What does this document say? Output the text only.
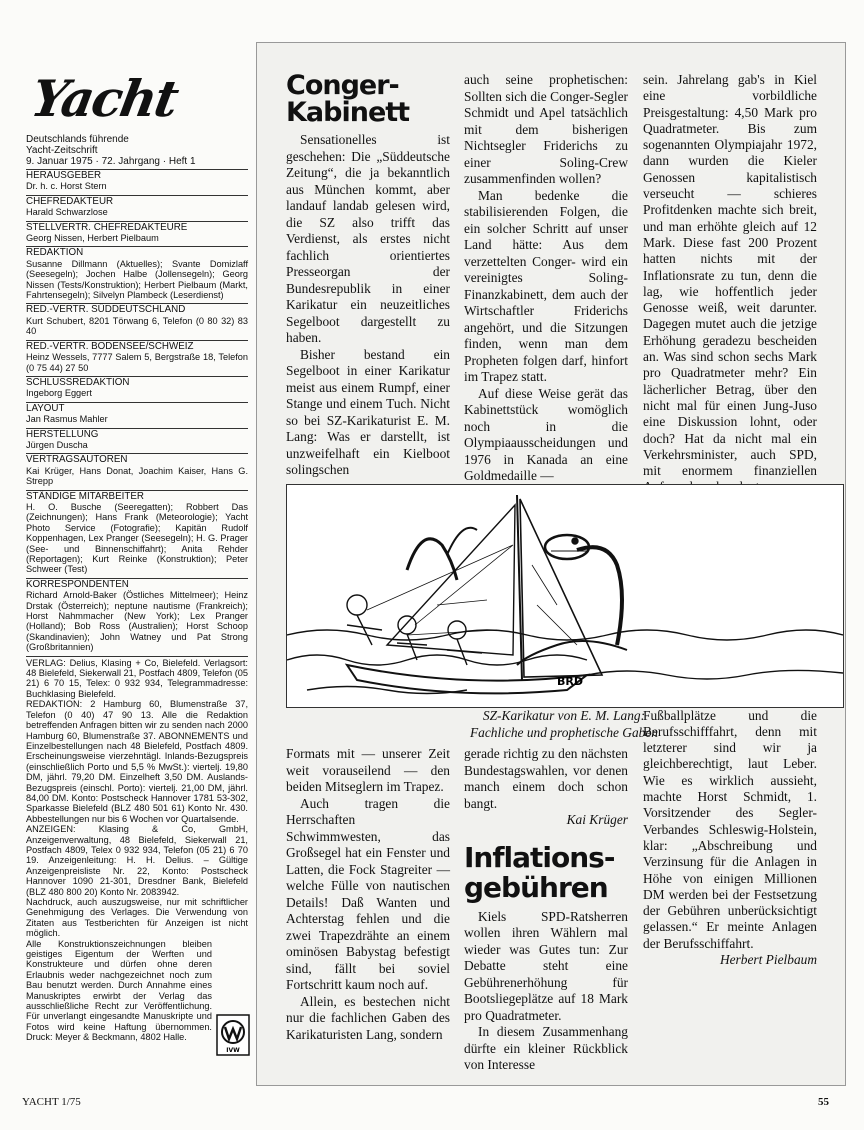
Yacht
Deutschlands führende
Yacht-Zeitschrift
9. Januar 1975 · 72. Jahrgang · Heft 1
HERAUSGEBER
Dr. h. c. Horst Stern
CHEFREDAKTEUR
Harald Schwarzlose
STELLVERTR. CHEFREDAKTEURE
Georg Nissen, Herbert Pielbaum
REDAKTION
Susanne Dillmann (Aktuelles); Svante Domizlaff (Seesegeln); Jochen Halbe (Jollensegeln); Georg Nissen (Tests/Konstruktion); Herbert Pielbaum (Markt, Fahrtensegeln); Silvelyn Plambeck (Leserdienst)
RED.-VERTR. SÜDDEUTSCHLAND
Kurt Schubert, 8201 Törwang 6, Telefon (0 80 32) 83 40
RED.-VERTR. BODENSEE/SCHWEIZ
Heinz Wessels, 7777 Salem 5, Bergstraße 18, Telefon (0 75 44) 27 50
SCHLUSSREDAKTION
Ingeborg Eggert
LAYOUT
Jan Rasmus Mahler
HERSTELLUNG
Jürgen Duscha
VERTRAGSAUTOREN
Kai Krüger, Hans Donat, Joachim Kaiser, Hans G. Strepp
STÄNDIGE MITARBEITER
H. O. Busche (Seeregatten); Robbert Das (Zeichnungen); Hans Frank (Meteorologie); Yacht Photo Service (Fotografie); Kapitän Rudolf Koppenhagen, Lex Pranger (Seesegeln); H. G. Prager (See- und Binnenschiffahrt); Anita Rehder (Reportagen); Kurt Reinke (Konstruktion); Peter Schweer (Test)
KORRESPONDENTEN
Richard Arnold-Baker (Östliches Mittelmeer); Heinz Drstak (Österreich); neptune nautisme (Frankreich); Horst Nahmmacher (New York); Lex Pranger (Holland); Bob Ross (Australien); Horst Schoop (Skandinavien); John Watney und Pat Strong (Großbritannien)
VERLAG: Delius, Klasing + Co, Bielefeld. Verlagsort: 48 Bielefeld, Siekerwall 21, Postfach 4809, Telefon (05 21) 6 70 15, Telex: 0 932 934, Telegrammadresse: Buchklasing Bielefeld.
REDAKTION: 2 Hamburg 60, Blumenstraße 37, Telefon (0 40) 47 90 13. Alle die Redaktion betreffenden Anfragen bitten wir zu senden nach 2000 Hamburg 60, Blumenstraße 37. ABONNEMENTS und Einzelbestellungen nach 48 Bielefeld, Postfach 4809. Erscheinungsweise vierzehntägl. Inlands-Bezugspreis (einschließlich Porto und 5,5 % MwSt.): viertelj. 19,80 DM, jährl. 79,20 DM. Einzelheft 3,50 DM. Auslands-Bezugspreis (einschl. Porto): viertelj. 21,00 DM, jährl. 84,00 DM. Konto: Postscheck Hannover 1781 53-302, Sparkasse Bielefeld (BLZ 480 501 61) Konto Nr. 430. Abbestellungen nur bis 6 Wochen vor Quartalsende.
ANZEIGEN: Klasing & Co, GmbH, Anzeigenverwaltung, 48 Bielefeld, Siekerwall 21, Postfach 4809, Telex 0 932 934, Telefon (05 21) 6 70 19. Anzeigenleitung: H. H. Delius. – Gültige Anzeigenpreisliste Nr. 22, Konto: Postscheck Hannover 1090 21-301, Dresdner Bank, Bielefeld (BLZ 480 800 20) Konto Nr. 2083942.
Nachdruck, auch auszugsweise, nur mit schriftlicher Genehmigung des Verlages. Die Verwendung von Zitaten aus Testberichten für Anzeigen ist nicht möglich.
Alle Konstruktionszeichnungen bleiben geistiges Eigentum der Werften und Konstrukteure und dürfen ohne deren Erlaubnis weder nachgezeichnet noch zum Bau benutzt werden. Durch Annahme eines Manuskriptes erwirbt der Verlag das ausschließliche Recht zur Veröffentlichung. Für unverlangt eingesandte Manuskripte und Fotos wird keine Haftung übernommen. Druck: Meyer & Beckmann, 4802 Halle.
IVW
Conger-
Kabinett

Sensationelles ist geschehen: Die „Süddeutsche Zeitung“, die ja bekanntlich aus München kommt, aber landauf landab gelesen wird, die SZ also trifft das Verdienst, als erstes nicht fachlich orientiertes Presseorgan der Bundesrepublik in einer Karikatur ein neuzeitliches Segelboot dargestellt zu haben.

Bisher bestand ein Segelboot in einer Karikatur meist aus einem Rumpf, einer Stange und einem Tuch. Nicht so bei SZ-Karikaturist E. M. Lang: Was er darstellt, ist unzweifelhaft ein Kielboot solingschen

auch seine prophetischen: Sollten sich die Conger-Segler Schmidt und Apel tatsächlich mit dem bisherigen Nichtsegler Friderichs zu einer Soling-Crew zusammenfinden wollen?

Man bedenke die stabilisierenden Folgen, die ein solcher Schritt auf unser Land hätte: Aus dem verzettelten Conger- wird ein vereinigtes Soling-Finanzkabinett, dem auch der Wirtschaftler Friderichs angehört, und die Sitzungen finden, wenn man dem Propheten folgen darf, hinfort im Trapez statt.

Auf diese Weise gerät das Kabinettstück womöglich noch in die Olympiaausscheidungen und 1976 in Kanada an eine Goldmedaille —

sein. Jahrelang gab's in Kiel eine vorbildliche Preisgestaltung: 4,50 Mark pro Quadratmeter. Bis zum sogenannten Olympiajahr 1972, dann wurden die Kieler Genossen kapitalistisch verseucht — schieres Profitdenken machte sich breit, und man erhöhte gleich auf 12 Mark. Diese fast 200 Prozent hatten nichts mit der Inflationsrate zu tun, denn die lag, wie hoffentlich jeder Genosse weiß, weit darunter. Dagegen mutet auch die jetzige Erhöhung geradezu bescheiden an. Was sind schon sechs Mark pro Quadratmeter mehr? Ein lächerlicher Betrag, über den nicht mal für einen Jung-Juso eine Diskussion lohnt, oder doch? Hat da nicht mal ein Verkehrsminister, auch SPD, mit enormem finanziellen Aufwand kundgetan, uns Lustschiffern seien dieselben Rechte eingeräumt worden wie den Berufsseefahrern? „Neue Ordnung im Verkehr“ hieß das Traktat, doch von der neuen Ordnung merken wir nicht viel, denn man will uns überall nur schröpfen. Argument: Stadt und Staat müssen kostendeckend operieren. Im Prinzip ist nichts dagegen einzuwenden. Doch dann bitte Kostendekkung für alle Schwimmhallen, Fußballplätze und die Berufsschifffahrt, denn mit letzterer sind wir ja gleichberechtigt, laut Leber. Wie es wirklich aussieht, machte Horst Schmidt, 1. Vorsitzender des Segler-Verbandes Schleswig-Holstein, klar: „Abschreibung und Verzinsung für die Anlagen in Höhe von einigen Millionen DM werden bei der Festsetzung der Gebühren unberücksichtigt gelassen.“ Er meinte Anlagen der Berufsschiffahrt.

Herbert Pielbaum
BRD
SZ-Karikatur von E. M. Lang:
Fachliche und prophetische Gaben

Formats mit — unserer Zeit weit vorauseilend — den beiden Mitseglern im Trapez.

Auch tragen die Herrschaften Schwimmwesten, das Großsegel hat ein Fenster und Latten, die Fock Stagreiter — welche Fülle von nautischen Details! Daß Wanten und Achterstag fehlen und die zwei Trapezdrähte an einem ominösen Babystag befestigt sind, fällt bei soviel Fortschritt kaum noch auf.

Allein, es bestechen nicht nur die fachlichen Gaben des Karikaturisten Lang, sondern

gerade richtig zu den nächsten Bundestagswahlen, vor denen manch einem doch schon bangt.

Kai Krüger
Inflations-
gebühren

Kiels SPD-Ratsherren wollen ihren Wählern mal wieder was Gutes tun: Zur Debatte steht eine Gebührenerhöhung für Bootsliegeplätze auf 18 Mark pro Quadratmeter.

In diesem Zusammenhang dürfte ein kleiner Rückblick von Interesse

YACHT 1/75	55
